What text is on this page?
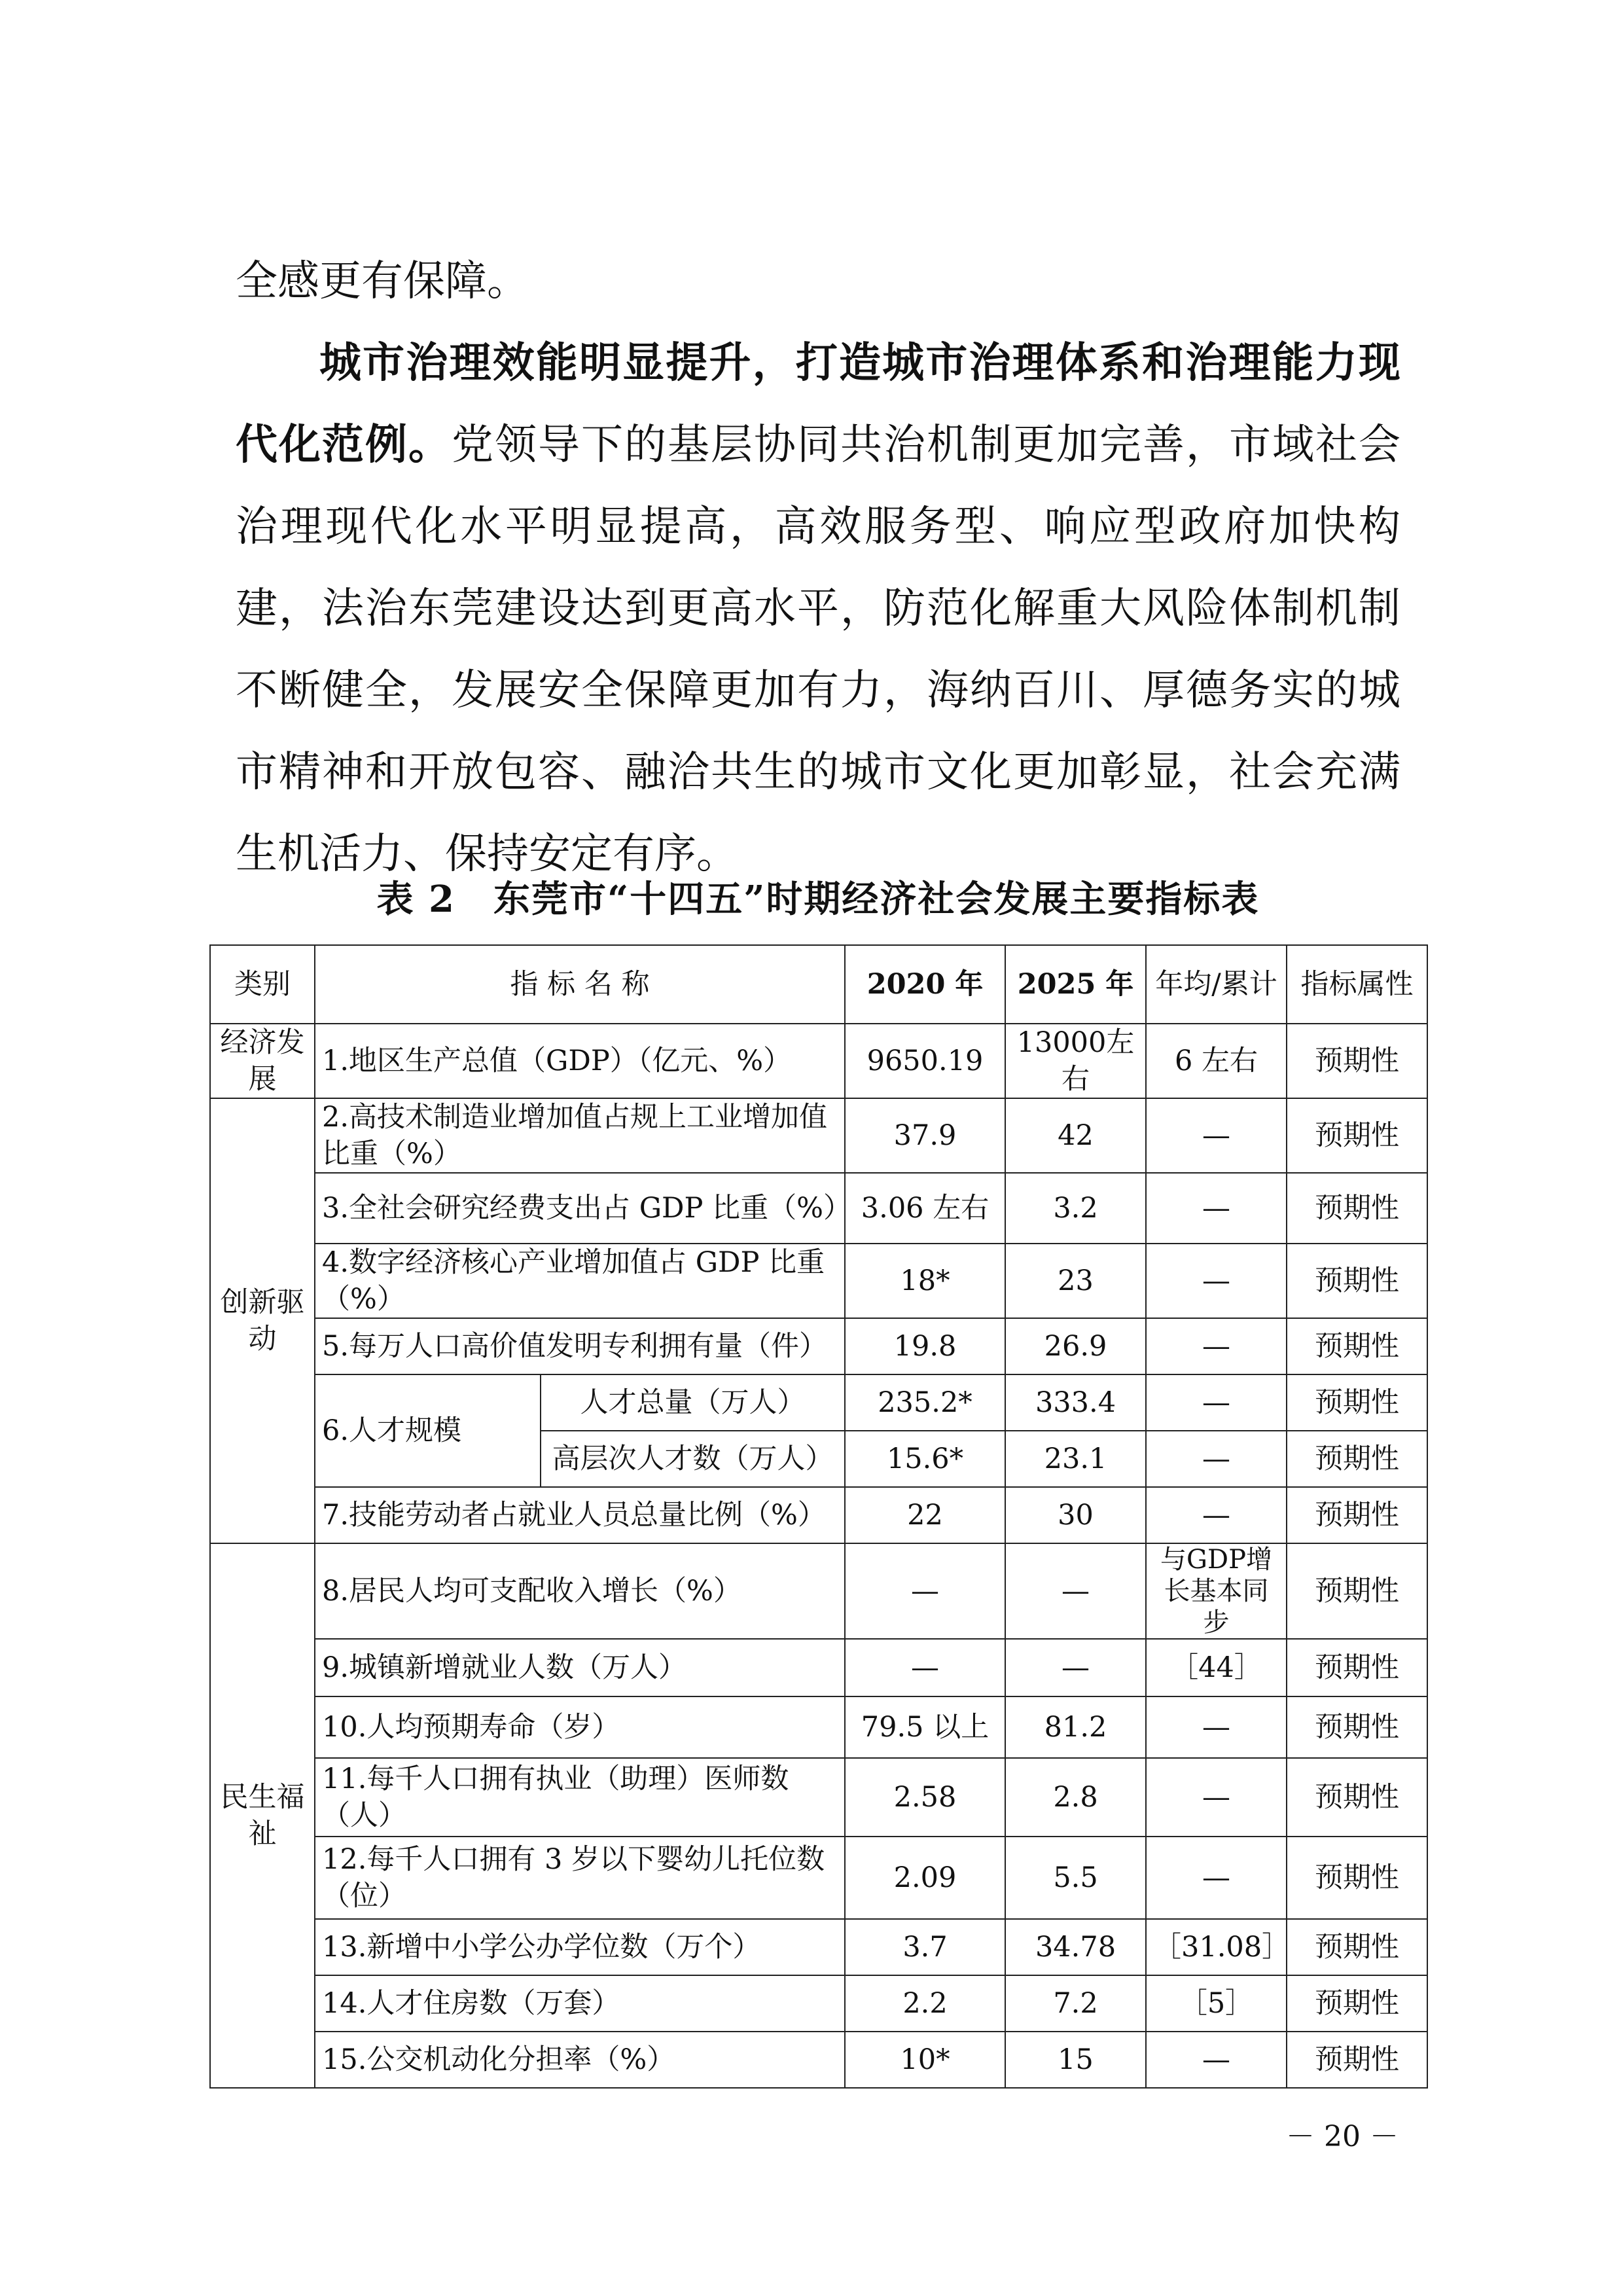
全感更有保障。

城市治理效能明显提升，打造城市治理体系和治理能力现代化范例。党领导下的基层协同共治机制更加完善，市域社会治理现代化水平明显提高，高效服务型、响应型政府加快构建，法治东莞建设达到更高水平，防范化解重大风险体制机制不断健全，发展安全保障更加有力，海纳百川、厚德务实的城市精神和开放包容、融洽共生的城市文化更加彰显，社会充满生机活力、保持安定有序。

表 2　东莞市“十四五”时期经济社会发展主要指标表

类别	指 标 名 称		2020 年	2025 年	年均/累计	指标属性
经济发展	1.地区生产总值（GDP）（亿元、%）		9650.19	13000左右	6 左右	预期性
创新驱动	2.高技术制造业增加值占规上工业增加值比重（%）		37.9	42	—	预期性
	3.全社会研究经费支出占 GDP 比重（%）		3.06 左右	3.2	—	预期性
	4.数字经济核心产业增加值占 GDP 比重（%）		18*	23	—	预期性
	5.每万人口高价值发明专利拥有量（件）		19.8	26.9	—	预期性
	6.人才规模	人才总量（万人）	235.2*	333.4	—	预期性
		高层次人才数（万人）	15.6*	23.1	—	预期性
	7.技能劳动者占就业人员总量比例（%）		22	30	—	预期性
民生福祉	8.居民人均可支配收入增长（%）		—	—	与GDP增长基本同步	预期性
	9.城镇新增就业人数（万人）		—	—	［44］	预期性
	10.人均预期寿命（岁）		79.5 以上	81.2	—	预期性
	11.每千人口拥有执业（助理）医师数（人）		2.58	2.8	—	预期性
	12.每千人口拥有 3 岁以下婴幼儿托位数（位）		2.09	5.5	—	预期性
	13.新增中小学公办学位数（万个）		3.7	34.78	［31.08］	预期性
	14.人才住房数（万套）		2.2	7.2	［5］	预期性
	15.公交机动化分担率（%）		10*	15	—	预期性
－ 20 －
